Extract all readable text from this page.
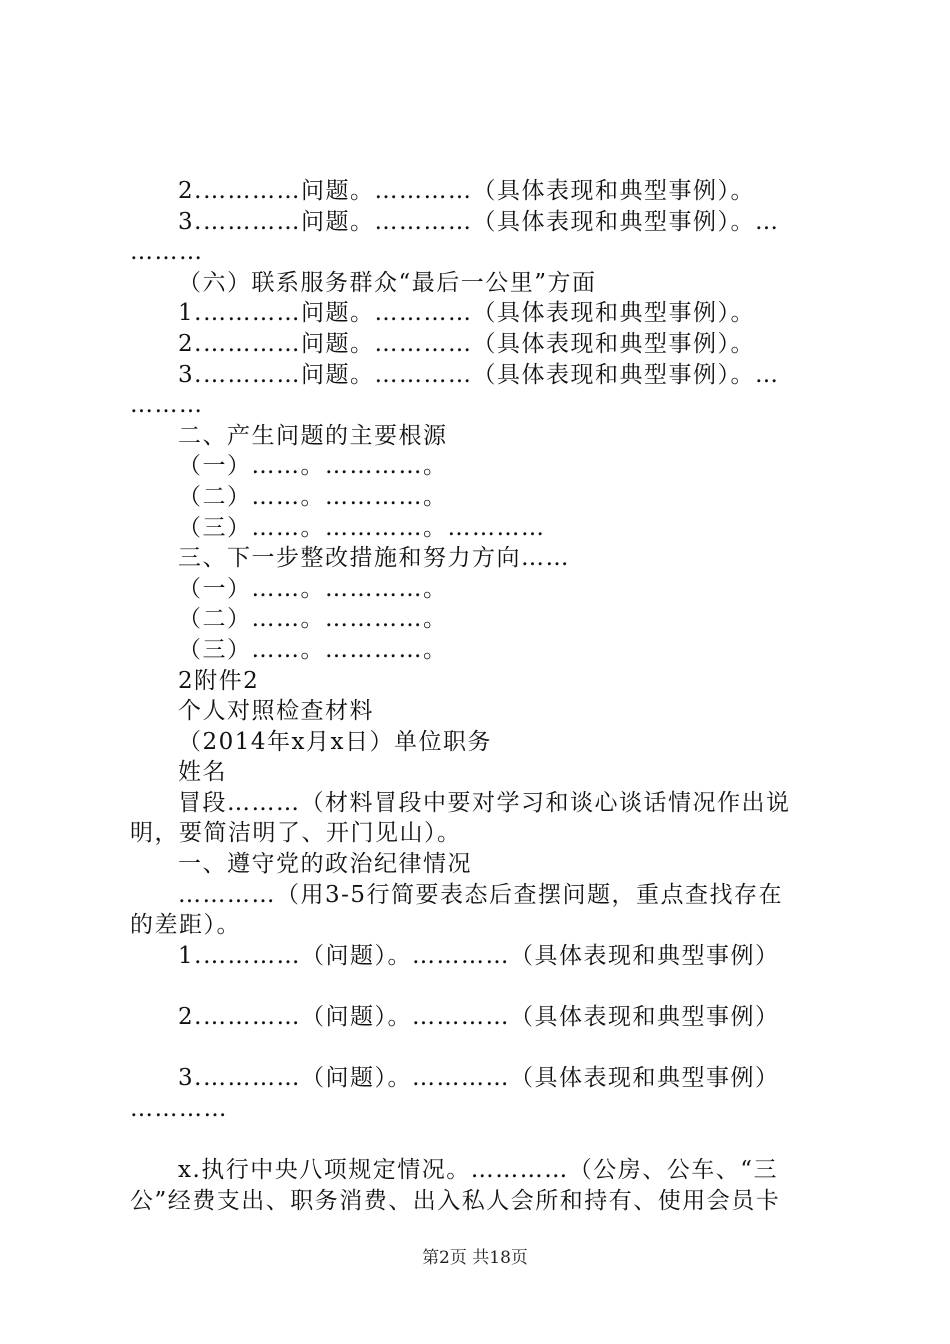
2.…………问题。…………（具体表现和典型事例）。
3.…………问题。…………（具体表现和典型事例）。…
………
（六）联系服务群众“最后一公里”方面
1.…………问题。…………（具体表现和典型事例）。
2.…………问题。…………（具体表现和典型事例）。
3.…………问题。…………（具体表现和典型事例）。…
………
二、产生问题的主要根源
（一）……。…………。
（二）……。…………。
（三）……。…………。…………
三、下一步整改措施和努力方向……
（一）……。…………。
（二）……。…………。
（三）……。…………。
2附件2
个人对照检查材料
（2014年x月x日）单位职务
姓名
冒段………（材料冒段中要对学习和谈心谈话情况作出说
明，要简洁明了、开门见山）。
一、遵守党的政治纪律情况
…………（用3-5行简要表态后查摆问题，重点查找存在
的差距）。
1.…………（问题）。…………（具体表现和典型事例）
2.…………（问题）。…………（具体表现和典型事例）
3.…………（问题）。…………（具体表现和典型事例）
…………
x.执行中央八项规定情况。…………（公房、公车、“三
公”经费支出、职务消费、出入私人会所和持有、使用会员卡
第2页 共18页
